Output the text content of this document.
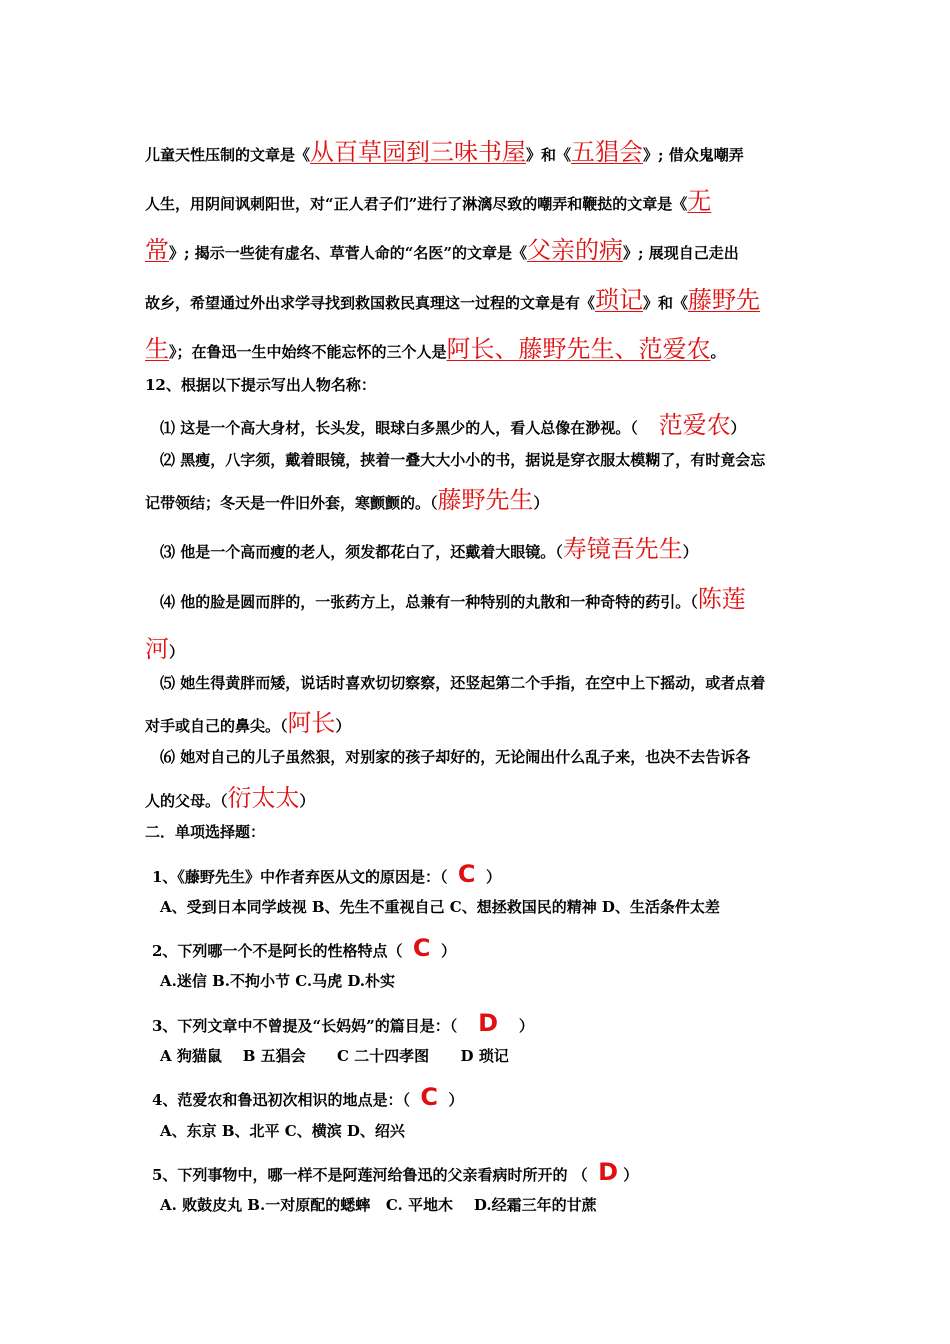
儿童天性压制的文章是《从百草园到三味书屋》和《五猖会》; 借众鬼嘲弄
人生，用阴间讽刺阳世，对“正人君子们”进行了淋漓尽致的嘲弄和鞭挞的文章是《无
常》; 揭示一些徒有虚名、草菅人命的“名医”的文章是《父亲的病》; 展现自己走出
故乡，希望通过外出求学寻找到救国救民真理这一过程的文章是有《琐记》和《藤野先
生》；在鲁迅一生中始终不能忘怀的三个人是阿长、藤野先生、范爱农。
12、根据以下提示写出人物名称：
⑴ 这是一个高大身材，长头发，眼球白多黑少的人，看人总像在渺视。（ 范爱农）
⑵ 黑瘦，八字须，戴着眼镜，挟着一叠大大小小的书，据说是穿衣服太模糊了，有时竟会忘
记带领结；冬天是一件旧外套，寒颤颤的。（藤野先生）
⑶ 他是一个高而瘦的老人，须发都花白了，还戴着大眼镜。（寿镜吾先生）
⑷ 他的脸是圆而胖的，一张药方上，总兼有一种特别的丸散和一种奇特的药引。（陈莲
河）
⑸ 她生得黄胖而矮，说话时喜欢切切察察，还竖起第二个手指，在空中上下摇动，或者点着
对手或自己的鼻尖。（阿长）
⑹ 她对自己的儿子虽然狠，对别家的孩子却好的，无论闹出什么乱子来，也决不去告诉各
人的父母。（衍太太）
二．单项选择题：
1、《藤野先生》中作者弃医从文的原因是：（ C ）
A、受到日本同学歧视 B、先生不重视自己 C、想拯救国民的精神 D、生活条件太差
2、下列哪一个不是阿长的性格特点（ C ）
A.迷信 B.不拘小节 C.马虎 D.朴实
3、下列文章中不曾提及“长妈妈”的篇目是：（ D ）
A 狗猫鼠    B 五猖会      C 二十四孝图      D 琐记
4、范爱农和鲁迅初次相识的地点是：（ C ）
A、东京 B、北平 C、横滨 D、绍兴
5、下列事物中，哪一样不是阿莲河给鲁迅的父亲看病时所开的 （ D ）
A. 败鼓皮丸 B.一对原配的蟋蟀   C. 平地木    D.经霜三年的甘蔗
